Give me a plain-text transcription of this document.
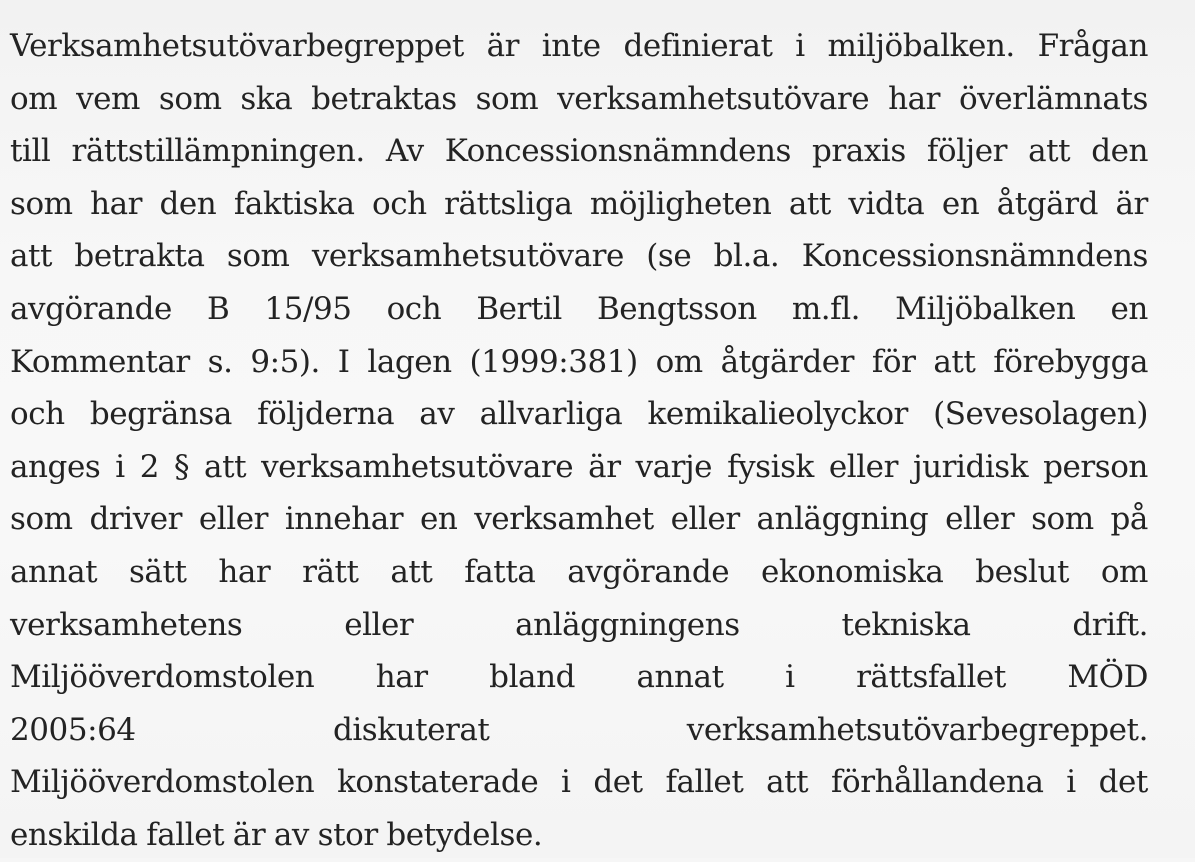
Verksamhetsutövarbegreppet är inte definierat i miljöbalken. Frågan
om vem som ska betraktas som verksamhetsutövare har överlämnats
till rättstillämpningen. Av Koncessionsnämndens praxis följer att den
som har den faktiska och rättsliga möjligheten att vidta en åtgärd är
att betrakta som verksamhetsutövare (se bl.a. Koncessionsnämndens
avgörande B 15/95 och Bertil Bengtsson m.fl. Miljöbalken en
Kommentar s. 9:5). I lagen (1999:381) om åtgärder för att förebygga
och begränsa följderna av allvarliga kemikalieolyckor (Sevesolagen)
anges i 2 § att verksamhetsutövare är varje fysisk eller juridisk person
som driver eller innehar en verksamhet eller anläggning eller som på
annat sätt har rätt att fatta avgörande ekonomiska beslut om
verksamhetens	eller	anläggningens	tekniska	drift.
Miljööverdomstolen har bland annat i rättsfallet MÖD
2005:64	diskuterat	verksamhetsutövarbegreppet.
Miljööverdomstolen konstaterade i det fallet att förhållandena i det
enskilda fallet är av stor betydelse.
